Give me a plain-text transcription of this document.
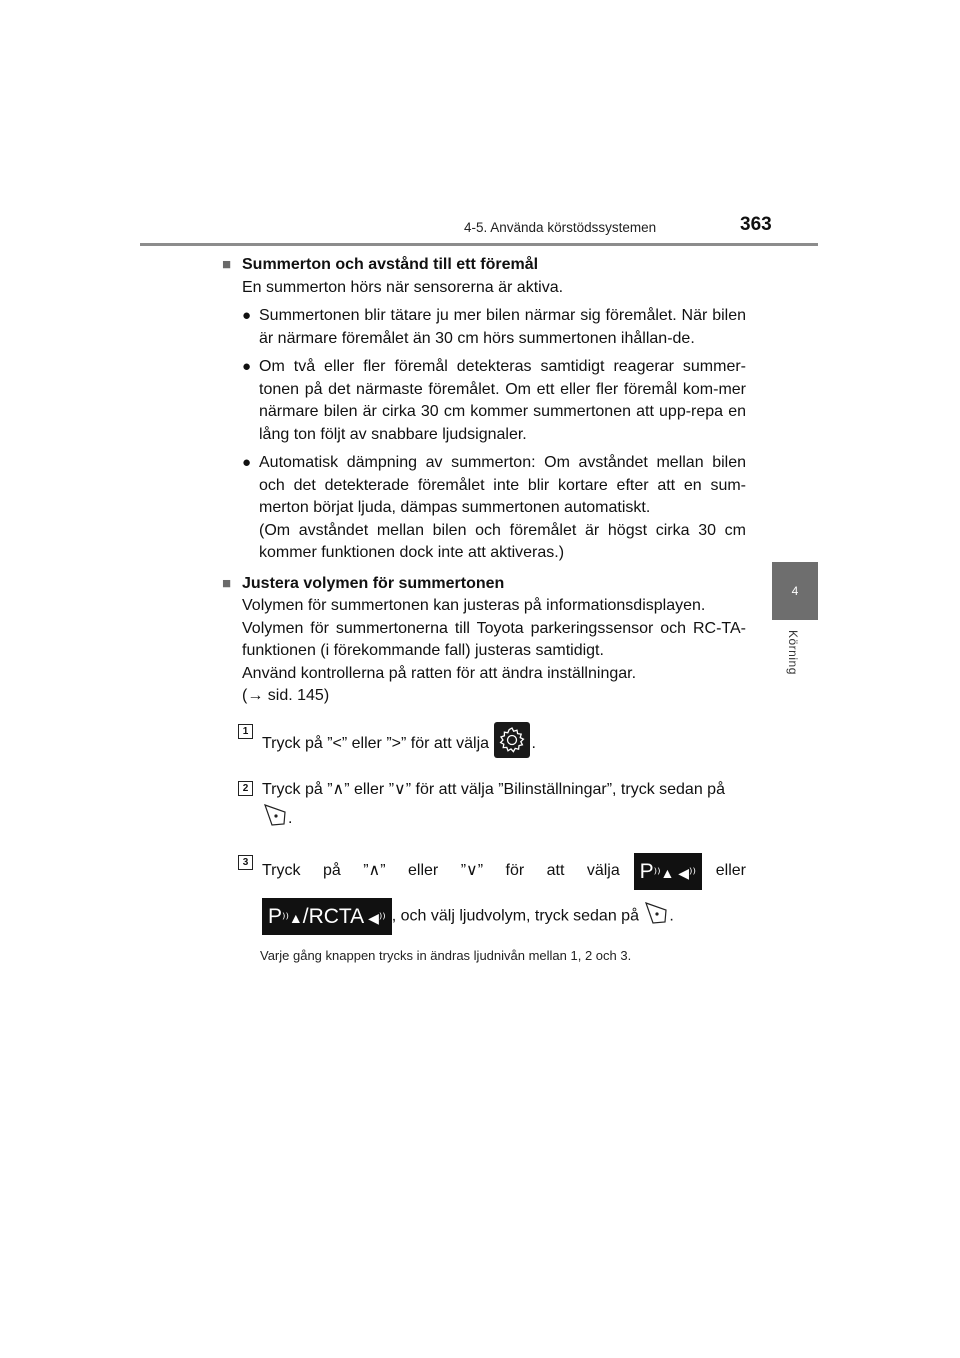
4-5. Använda körstödssystemen	363
4
Körning
■ Summerton och avstånd till ett föremål
En summerton hörs när sensorerna är aktiva.
● Summertonen blir tätare ju mer bilen närmar sig föremålet. När bilen är närmare föremålet än 30 cm hörs summertonen ihållan-de.
● Om två eller fler föremål detekteras samtidigt reagerar summer-tonen på det närmaste föremålet. Om ett eller fler föremål kom-mer närmare bilen är cirka 30 cm kommer summertonen att upp-repa en lång ton följt av snabbare ljudsignaler.
● Automatisk dämpning av summerton: Om avståndet mellan bilen och det detekterade föremålet inte blir kortare efter att en sum-merton börjat ljuda, dämpas summertonen automatiskt.
(Om avståndet mellan bilen och föremålet är högst cirka 30 cm kommer funktionen dock inte att aktiveras.)
■ Justera volymen för summertonen
Volymen för summertonen kan justeras på informationsdisplayen.
Volymen för summertonerna till Toyota parkeringssensor och RC-TA-funktionen (i förekommande fall) justeras samtidigt.
Använd kontrollerna på ratten för att ändra inställningar.
(→ sid. 145)
1
Tryck på ”<” eller ”>” för att välja	.
2 Tryck på ”∧” eller ”∨” för att välja ”Bilinställningar”, tryck sedan på
.
3 Tryck på ”∧” eller ”∨” för att välja P⁾⁾▲ ◀⁾⁾	eller
P⁾⁾▲/RCTA ◀⁾⁾ , och välj ljudvolym, tryck sedan på .
Varje gång knappen trycks in ändras ljudnivån mellan 1, 2 och 3.
